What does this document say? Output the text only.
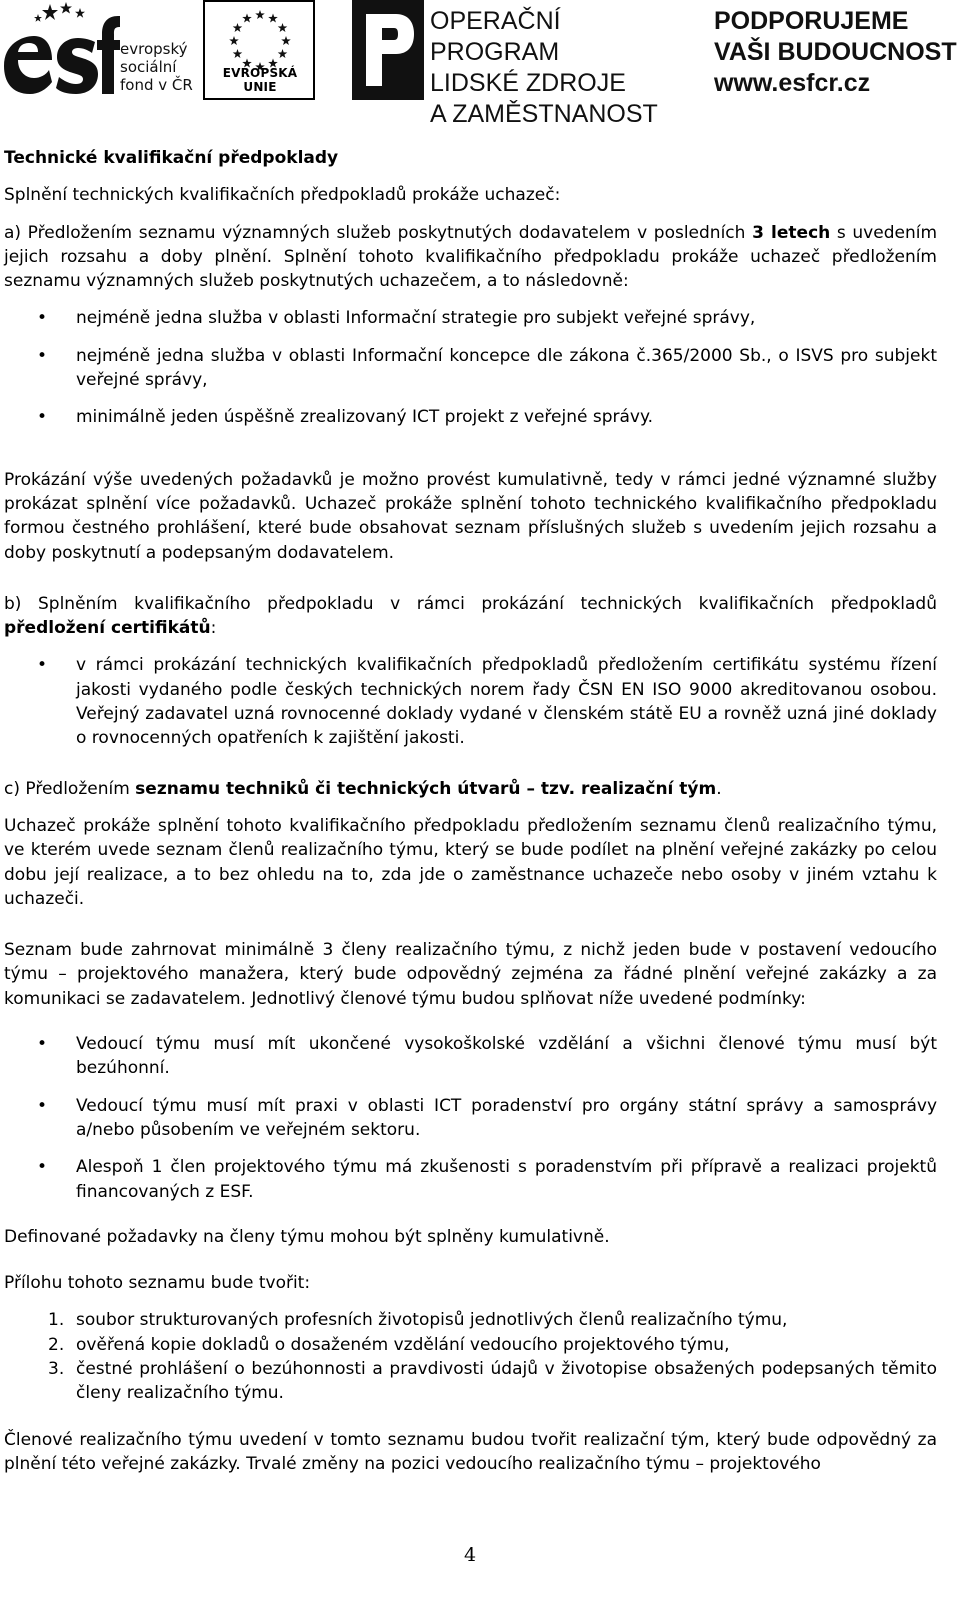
evropský
sociální
fond v ČR
EVROPSKÁ UNIE
OPERAČNÍ PROGRAM
LIDSKÉ ZDROJE
A ZAMĚSTNANOST
PODPORUJEME
VAŠI BUDOUCNOST
www.esfcr.cz

Technické kvalifikační předpoklady

Splnění technických kvalifikačních předpokladů prokáže uchazeč:

a) Předložením seznamu významných služeb poskytnutých dodavatelem v posledních 3 letech s uvedením jejich rozsahu a doby plnění. Splnění tohoto kvalifikačního předpokladu prokáže uchazeč předložením seznamu významných služeb poskytnutých uchazečem, a to následovně:

• nejméně jedna služba v oblasti Informační strategie pro subjekt veřejné správy,
• nejméně jedna služba v oblasti Informační koncepce dle zákona č.365/2000 Sb., o ISVS pro subjekt veřejné správy,
• minimálně jeden úspěšně zrealizovaný ICT projekt z veřejné správy.

Prokázání výše uvedených požadavků je možno provést kumulativně, tedy v rámci jedné významné služby prokázat splnění více požadavků. Uchazeč prokáže splnění tohoto technického kvalifikačního předpokladu formou čestného prohlášení, které bude obsahovat seznam příslušných služeb s uvedením jejich rozsahu a doby poskytnutí a podepsaným dodavatelem.

b) Splněním kvalifikačního předpokladu v rámci prokázání technických kvalifikačních předpokladů předložení certifikátů:

• v rámci prokázání technických kvalifikačních předpokladů předložením certifikátu systému řízení jakosti vydaného podle českých technických norem řady ČSN EN ISO 9000 akreditovanou osobou. Veřejný zadavatel uzná rovnocenné doklady vydané v členském státě EU a rovněž uzná jiné doklady o rovnocenných opatřeních k zajištění jakosti.

c) Předložením seznamu techniků či technických útvarů – tzv. realizační tým.

Uchazeč prokáže splnění tohoto kvalifikačního předpokladu předložením seznamu členů realizačního týmu, ve kterém uvede seznam členů realizačního týmu, který se bude podílet na plnění veřejné zakázky po celou dobu její realizace, a to bez ohledu na to, zda jde o zaměstnance uchazeče nebo osoby v jiném vztahu k uchazeči.

Seznam bude zahrnovat minimálně 3 členy realizačního týmu, z nichž jeden bude v postavení vedoucího týmu – projektového manažera, který bude odpovědný zejména za řádné plnění veřejné zakázky a za komunikaci se zadavatelem. Jednotlivý členové týmu budou splňovat níže uvedené podmínky:

• Vedoucí týmu musí mít ukončené vysokoškolské vzdělání a všichni členové týmu musí být bezúhonní.
• Vedoucí týmu musí mít praxi v oblasti ICT poradenství pro orgány státní správy a samosprávy a/nebo působením ve veřejném sektoru.
• Alespoň 1 člen projektového týmu má zkušenosti s poradenstvím při přípravě a realizaci projektů financovaných z ESF.

Definované požadavky na členy týmu mohou být splněny kumulativně.

Přílohu tohoto seznamu bude tvořit:

1. soubor strukturovaných profesních životopisů jednotlivých členů realizačního týmu,
2. ověřená kopie dokladů o dosaženém vzdělání vedoucího projektového týmu,
3. čestné prohlášení o bezúhonnosti a pravdivosti údajů v životopise obsažených podepsaných těmito členy realizačního týmu.

Členové realizačního týmu uvedení v tomto seznamu budou tvořit realizační tým, který bude odpovědný za plnění této veřejné zakázky. Trvalé změny na pozici vedoucího realizačního týmu – projektového

4
